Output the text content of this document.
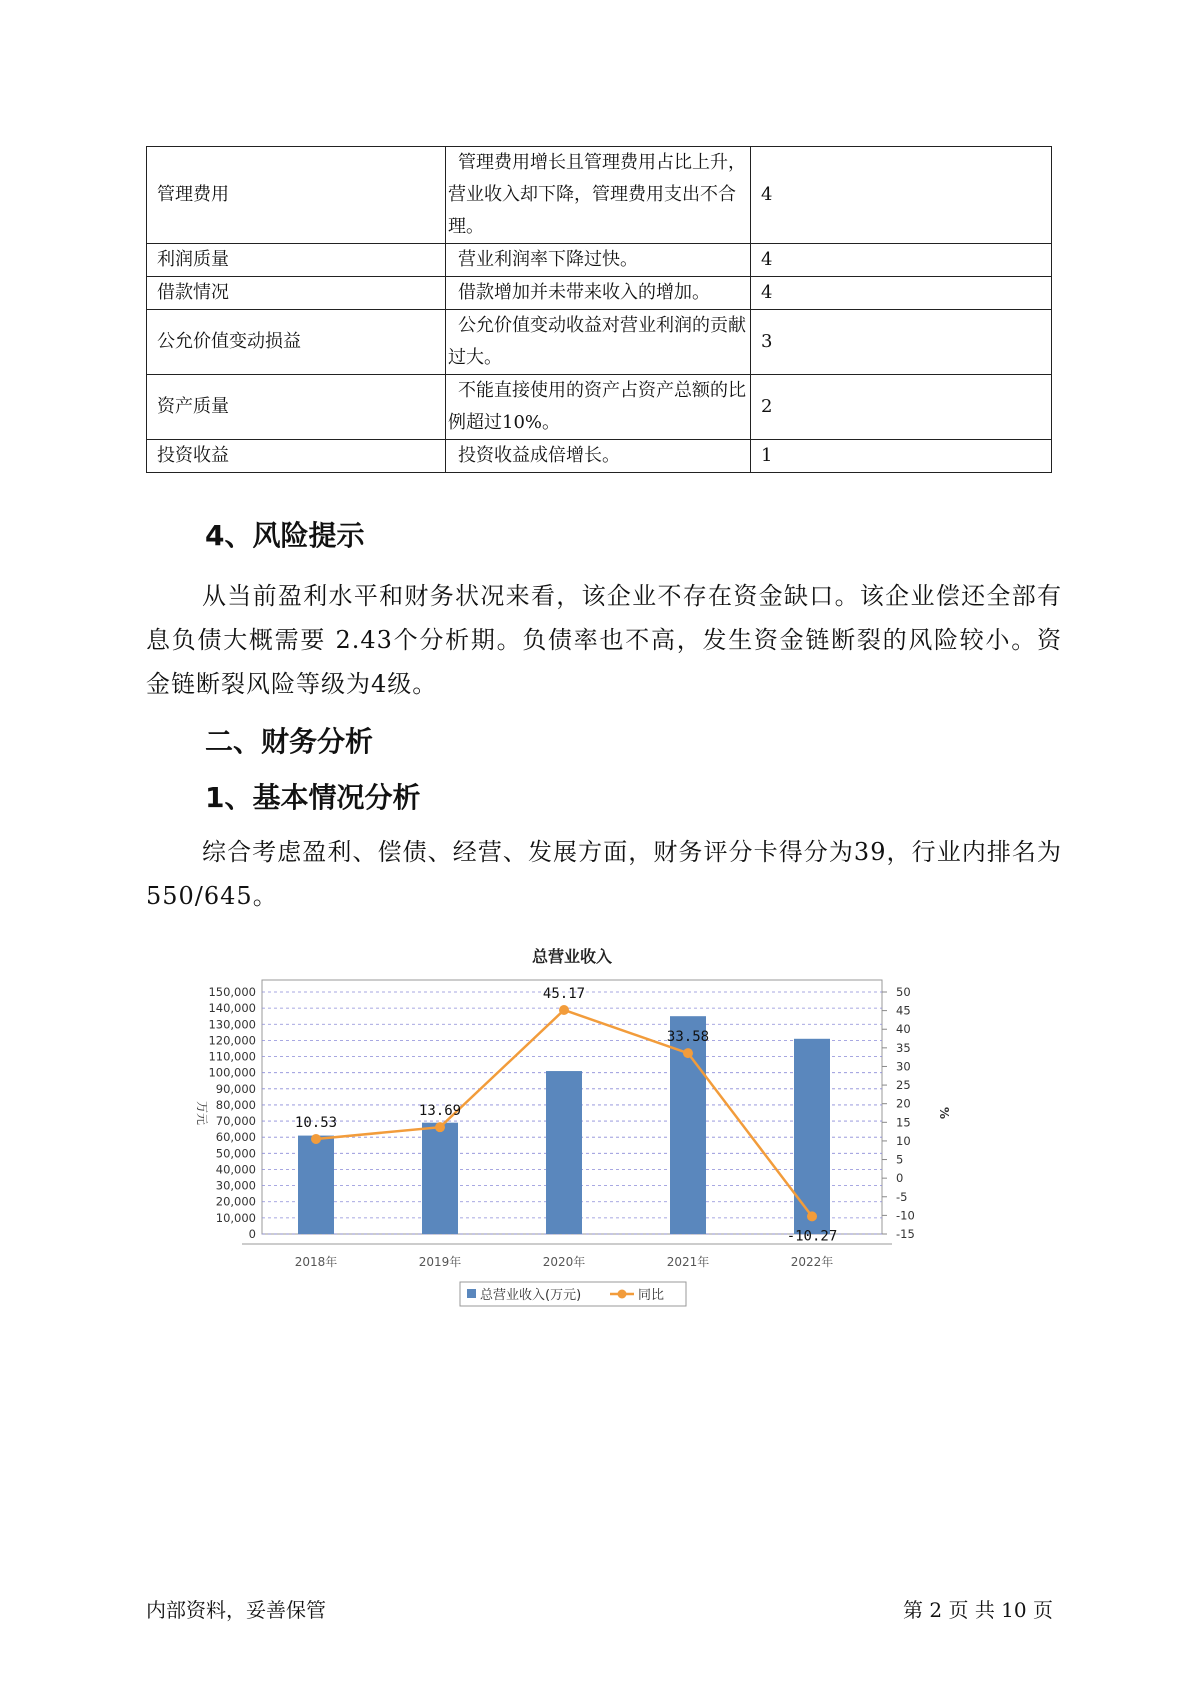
管理费用	管理费用增长且管理费用占比上升，营业收入却下降，管理费用支出不合理。	4
利润质量	营业利润率下降过快。	4
借款情况	借款增加并未带来收入的增加。	4
公允价值变动损益	公允价值变动收益对营业利润的贡献过大。	3
资产质量	不能直接使用的资产占资产总额的比例超过10%。	2
投资收益	投资收益成倍增长。	1
4、风险提示

从当前盈利水平和财务状况来看，该企业不存在资金缺口。该企业偿还全部有息负债大概需要 2.43个分析期。负债率也不高，发生资金链断裂的风险较小。资金链断裂风险等级为4级。

二、财务分析
1、基本情况分析

综合考虑盈利、偿债、经营、发展方面，财务评分卡得分为39，行业内排名为550/645。

总营业收入
150,000
140,000
130,000
120,000
110,000
100,000
90,000
80,000
70,000
60,000
50,000
40,000
30,000
20,000
10,000
0
50
45
40
35
30
25
20
15
10
5
0
-5
-10
-15
万元	%
2018年	2019年	2020年	2021年	2022年
10.53
13.69
45.17
33.58
-10.27
总营业收入(万元)	同比
内部资料，妥善保管	第 2 页 共 10 页
